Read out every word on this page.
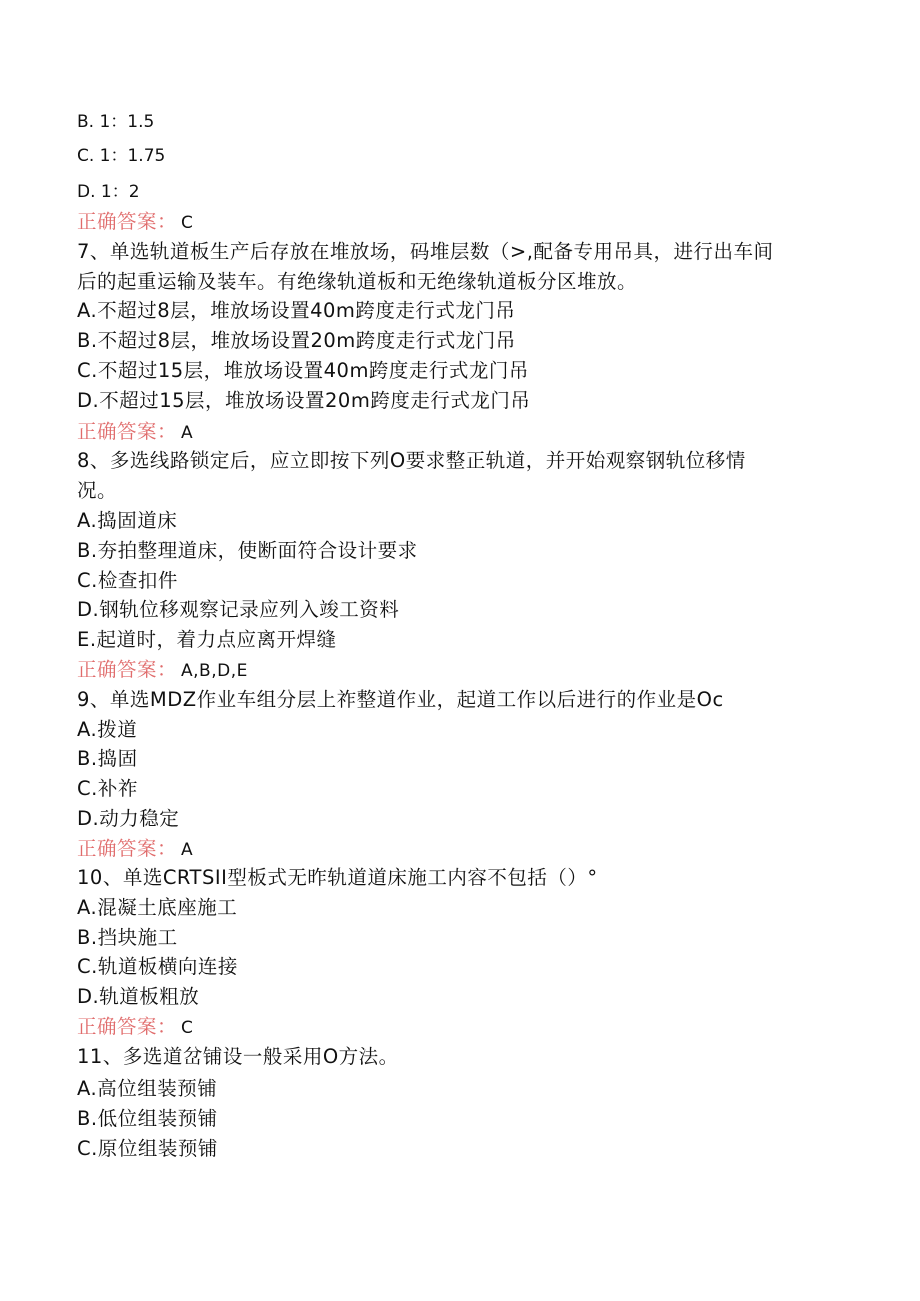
B. 1：1.5
C. 1：1.75
D. 1：2
正确答案： C
7、单选轨道板生产后存放在堆放场，码堆层数（>,配备专用吊具，进行出车间
后的起重运输及装车。有绝缘轨道板和无绝缘轨道板分区堆放。
A.不超过8层，堆放场设置40m跨度走行式龙门吊
B.不超过8层，堆放场设置20m跨度走行式龙门吊
C.不超过15层，堆放场设置40m跨度走行式龙门吊
D.不超过15层，堆放场设置20m跨度走行式龙门吊
正确答案： A
8、多选线路锁定后，应立即按下列O要求整正轨道，并开始观察钢轨位移情
况。
A.捣固道床
B.夯拍整理道床，使断面符合设计要求
C.检查扣件
D.钢轨位移观察记录应列入竣工资料
E.起道时，着力点应离开焊缝
正确答案： A,B,D,E
9、单选MDZ作业车组分层上祚整道作业，起道工作以后进行的作业是Oc
A.拨道
B.捣固
C.补祚
D.动力稳定
正确答案： A
10、单选CRTSII型板式无昨轨道道床施工内容不包括（）°
A.混凝土底座施工
B.挡块施工
C.轨道板横向连接
D.轨道板粗放
正确答案： C
11、多选道岔铺设一般采用O方法。
A.高位组装预铺
B.低位组装预铺
C.原位组装预铺
